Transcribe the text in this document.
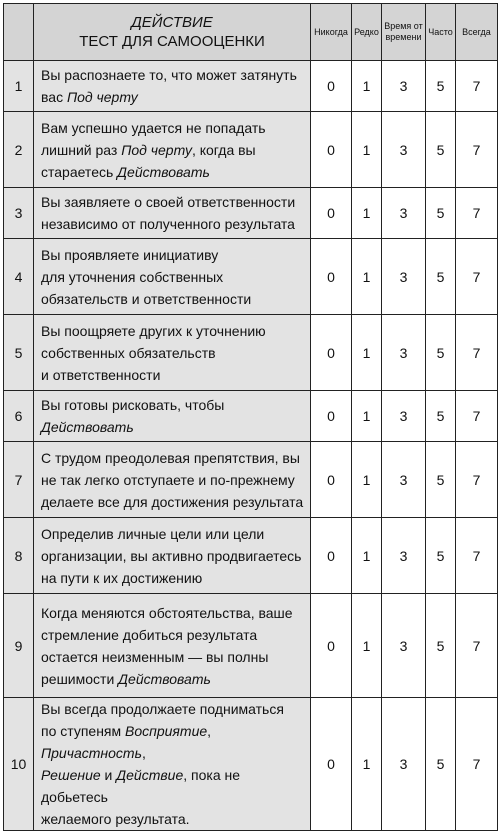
	ДЕЙСТВИЕ
ТЕСТ ДЛЯ САМООЦЕНКИ	Никогда	Редко	Время от времени	Часто	Всегда
1	Вы распознаете то, что может затянуть
вас Под черту	0	1	3	5	7
2	Вам успешно удается не попадать
лишний раз Под черту, когда вы
стараетесь Действовать	0	1	3	5	7
3	Вы заявляете о своей ответственности
независимо от полученного результата	0	1	3	5	7
4	Вы проявляете инициативу
для уточнения собственных
обязательств и ответственности	0	1	3	5	7
5	Вы поощряете других к уточнению
собственных обязательств
и ответственности	0	1	3	5	7
6	Вы готовы рисковать, чтобы
Действовать	0	1	3	5	7
7	С трудом преодолевая препятствия, вы
не так легко отступаете и по-прежнему
делаете все для достижения результата	0	1	3	5	7
8	Определив личные цели или цели
организации, вы активно продвигаетесь
на пути к их достижению	0	1	3	5	7
9	Когда меняются обстоятельства, ваше
стремление добиться результата
остается неизменным — вы полны
решимости Действовать	0	1	3	5	7
10	Вы всегда продолжаете подниматься
по ступеням Восприятие, Причастность,
Решение и Действие, пока не добьетесь
желаемого результата.	0	1	3	5	7
